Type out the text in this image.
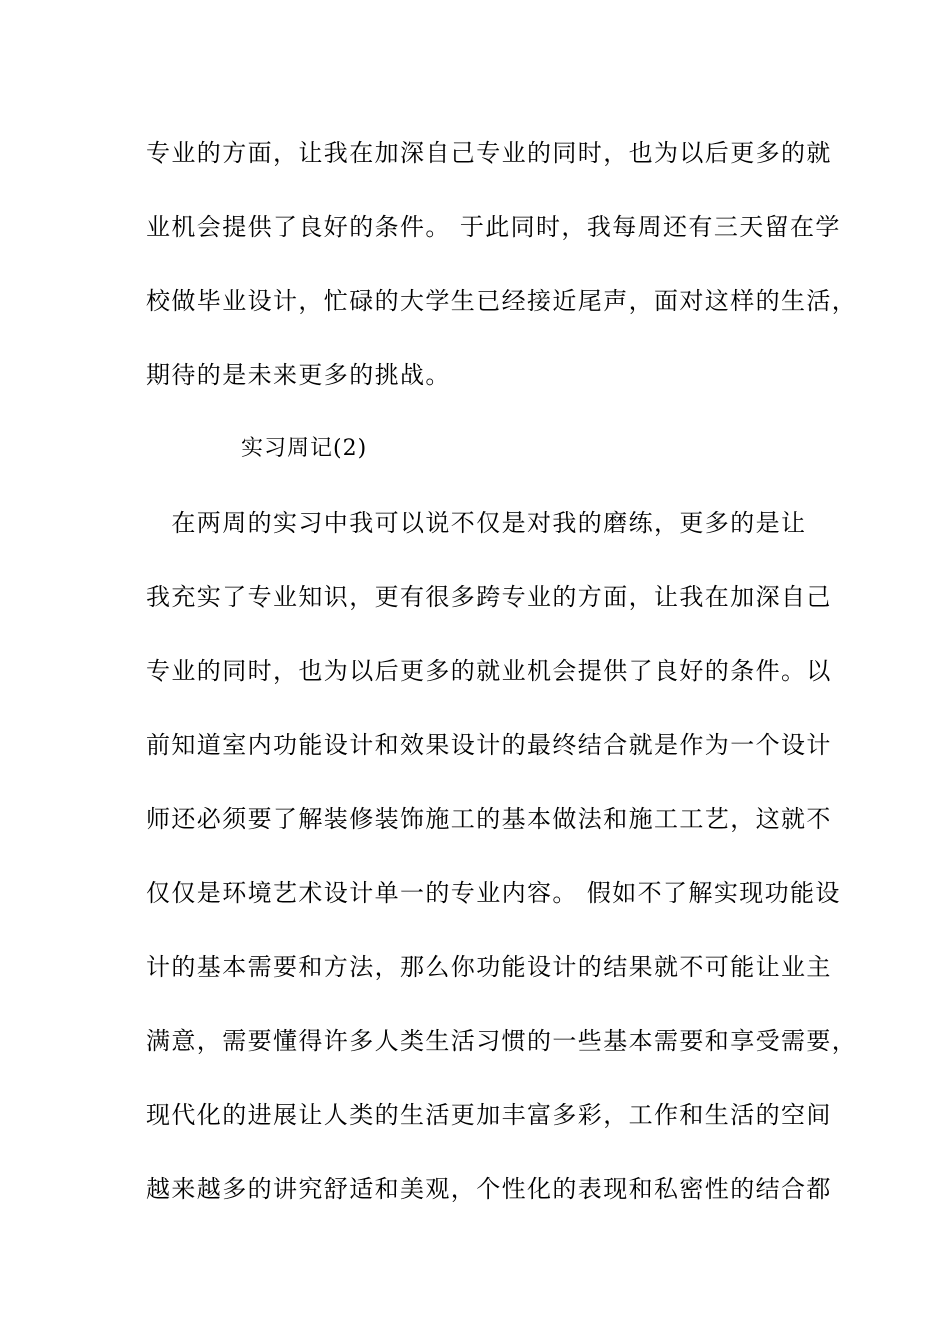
专业的方面，让我在加深自己专业的同时，也为以后更多的就
业机会提供了良好的条件。 于此同时，我每周还有三天留在学
校做毕业设计，忙碌的大学生已经接近尾声，面对这样的生活，
期待的是未来更多的挑战。
实习周记(2)
　在两周的实习中我可以说不仅是对我的磨练，更多的是让
我充实了专业知识，更有很多跨专业的方面，让我在加深自己
专业的同时，也为以后更多的就业机会提供了良好的条件。以
前知道室内功能设计和效果设计的最终结合就是作为一个设计
师还必须要了解装修装饰施工的基本做法和施工工艺，这就不
仅仅是环境艺术设计单一的专业内容。 假如不了解实现功能设
计的基本需要和方法，那么你功能设计的结果就不可能让业主
满意，需要懂得许多人类生活习惯的一些基本需要和享受需要，
现代化的进展让人类的生活更加丰富多彩，工作和生活的空间
越来越多的讲究舒适和美观，个性化的表现和私密性的结合都
